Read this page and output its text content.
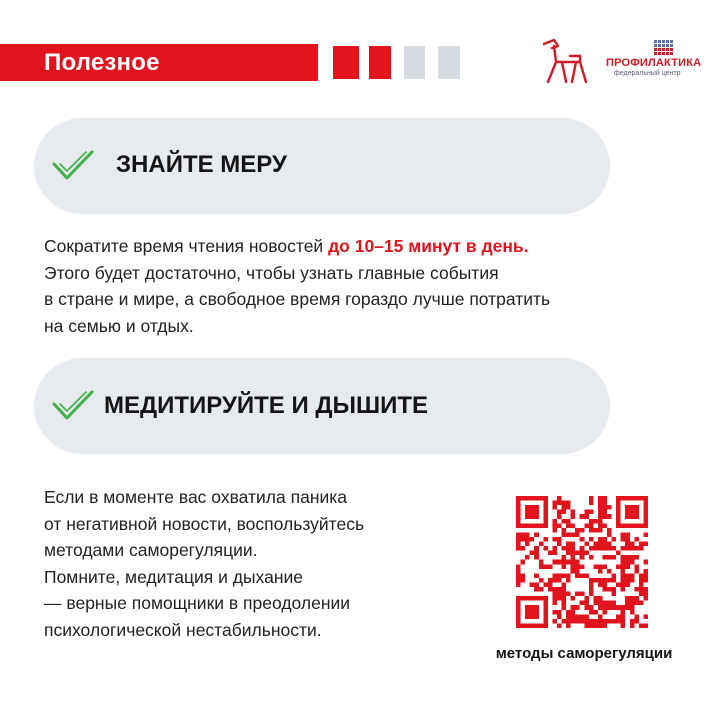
Полезное	ПРОФИЛАКТИКА
федеральный центр
ЗНАЙТЕ МЕРУ
Сократите время чтения новостей до 10–15 минут в день.
Этого будет достаточно, чтобы узнать главные события
в стране и мире, а свободное время гораздо лучше потратить
на семью и отдых.
МЕДИТИРУЙТЕ И ДЫШИТЕ
Если в моменте вас охватила паника
от негативной новости, воспользуйтесь
методами саморегуляции.
Помните, медитация и дыхание
— верные помощники в преодолении
психологической нестабильности.
методы саморегуляции
